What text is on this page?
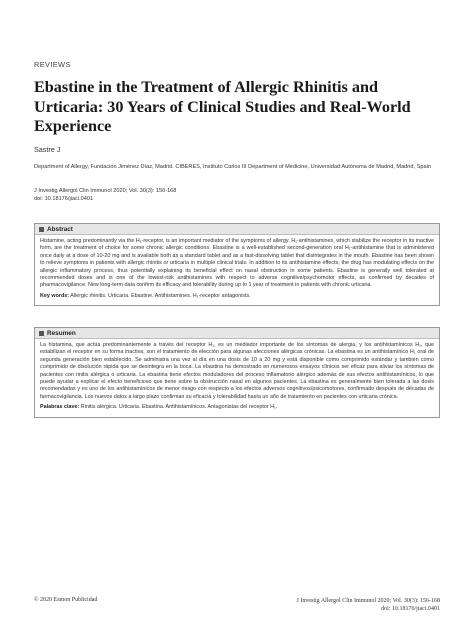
REVIEWS
Ebastine in the Treatment of Allergic Rhinitis and Urticaria: 30 Years of Clinical Studies and Real-World Experience
Sastre J
Department of Allergy, Fundación Jiménez Díaz, Madrid. CIBERES, Instituto Carlos III Department of Medicine, Universidad Autónoma de Madrid, Madrid, Spain
J Investig Allergol Clin Immunol 2020; Vol. 30(3): 156-168
doi: 10.18176/jiaci.0401
Abstract

Histamine, acting predominantly via the H₁-receptor, is an important mediator of the symptoms of allergy. H₁-antihistamines, which stabilize the receptor in its inactive form, are the treatment of choice for some chronic allergic conditions. Ebastine is a well-established second-generation oral H₁-antihistamine that is administered once daily at a dose of 10-20 mg and is available both as a standard tablet and as a fast-dissolving tablet that disintegrates in the mouth. Ebastine has been shown to relieve symptoms in patients with allergic rhinitis or urticaria in multiple clinical trials. In addition to its antihistamine effects, the drug has modulating effects on the allergic inflammatory process, thus potentially explaining its beneficial effect on nasal obstruction in some patients. Ebastine is generally well tolerated at recommended doses and is one of the lowest-risk antihistamines with respect to adverse cognitive/psychomotor effects, as confirmed by decades of pharmacovigilance. New long-term data confirm its efficacy and tolerability during up to 1 year of treatment in patients with chronic urticaria.

Key words: Allergic rhinitis. Urticaria. Ebastine. Antihistamines. H₁-receptor antagonists.

Resumen

La histamina, que actúa predominantemente a través del receptor H₁, es un mediador importante de los síntomas de alergia, y los antihistamínicos H₁, que estabilizan el receptor en su forma inactiva, son el tratamiento de elección para algunas afecciones alérgicas crónicas. La ebastina es un antihistamínico H₁ oral de segunda generación bien establecido. Se administra una vez al día en una dosis de 10 a 20 mg y está disponible como comprimido estándar y también como comprimido de disolución rápida que se desintegra en la boca. La ebastina ha demostrado en numerosos ensayos clínicos ser eficaz para aliviar los síntomas de pacientes con rinitis alérgica o urticaria. La ebastina tiene efectos moduladores del proceso inflamatorio alérgico además de sus efectos antihistamínicos, lo que puede ayudar a explicar el efecto beneficioso que tiene sobre la obstrucción nasal en algunos pacientes. La ebastina es generalmente bien tolerada a las dosis recomendadas y es uno de los antihistamínicos de menor riesgo con respecto a los efectos adversos cognitivos/psicomotores, confirmado después de décadas de farmacovigilancia. Los nuevos datos a largo plazo confirman su eficacia y tolerabilidad hasta un año de tratamiento en pacientes con urticaria crónica.

Palabras clave: Rinitis alérgica. Urticaria. Ebastina. Antihistamínicos. Antagonistas del receptor H₁.

© 2020 Esmon Publicidad	J Investig Allergol Clin Immunol 2020; Vol. 30(3): 156-168
doi: 10.18176/jiaci.0401
